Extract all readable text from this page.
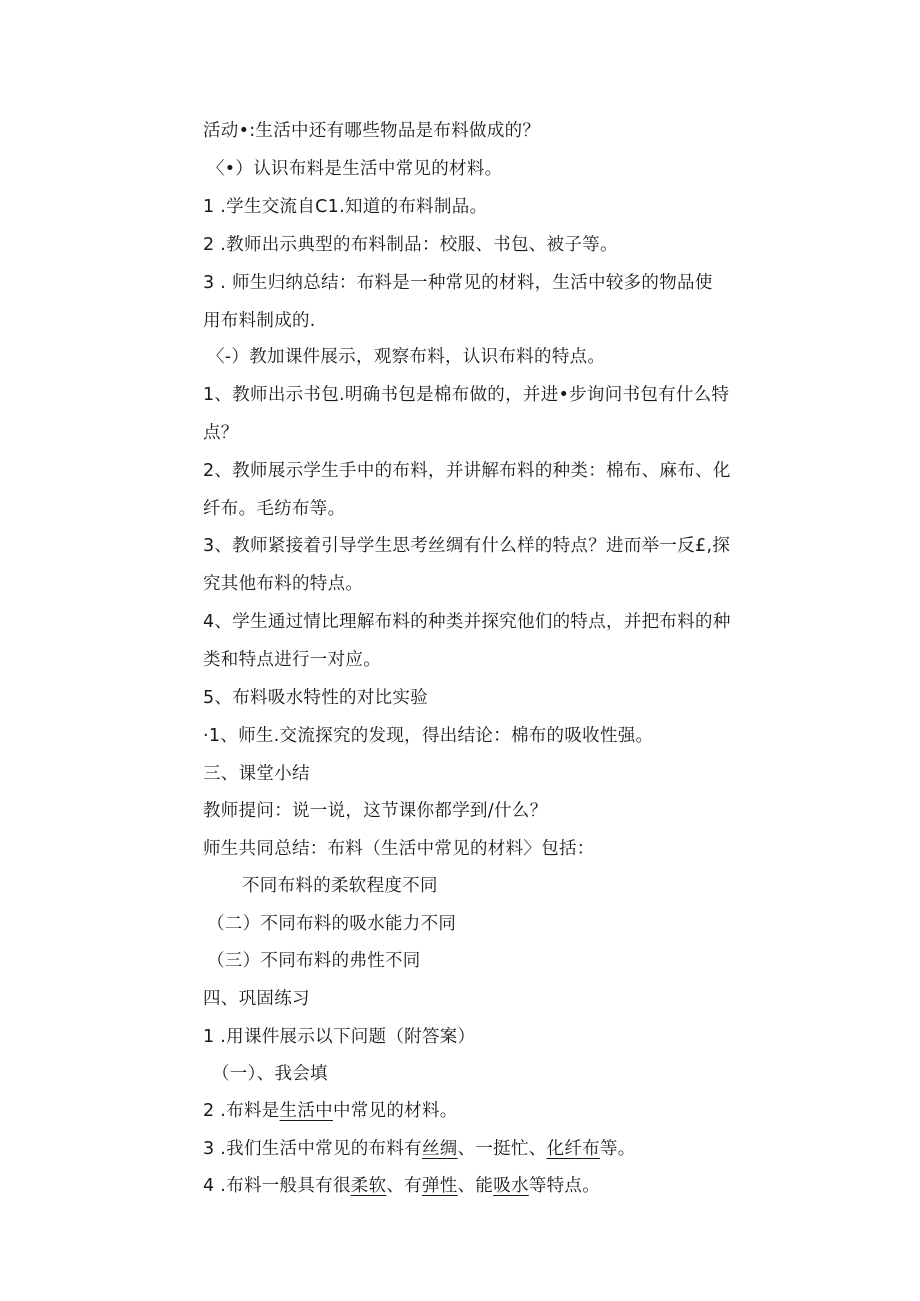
活动•:生活中还有哪些物品是布料做成的？
〈•）认识布料是生活中常见的材料。
1 .学生交流自C1.知道的布料制品。
2 .教师出示典型的布料制品：校服、书包、被子等。
3 . 师生归纳总结：布料是一种常见的材料，生活中较多的物品使
用布料制成的.
〈-）教加课件展示，观察布料，认识布料的特点。
1、教师出示书包.明确书包是棉布做的，并进•步询问书包有什么特
点？
2、教师展示学生手中的布料，并讲解布料的种类：棉布、麻布、化
纤布。毛纺布等。
3、教师紧接着引导学生思考丝绸有什么样的特点？进而举一反£,探
究其他布料的特点。
4、学生通过情比理解布料的种类并探究他们的特点，并把布料的种
类和特点进行一对应。
5、布料吸水特性的对比实验
·1、师生.交流探究的发现，得出结论：棉布的吸收性强。
三、课堂小结
教师提问：说一说，这节课你都学到/什么？
师生共同总结：布料（生活中常见的材料〉包括：
不同布料的柔软程度不同
（二）不同布料的吸水能力不同
（三）不同布料的弗性不同
四、巩固练习
1 .用课件展示以下问题（附答案）
（一）、我会填
2 .布料是生活中中常见的材料。
3 .我们生活中常见的布料有丝绸、一挺忙、化纤布等。
4 .布料一般具有很柔软、有弹性、能吸水等特点。
